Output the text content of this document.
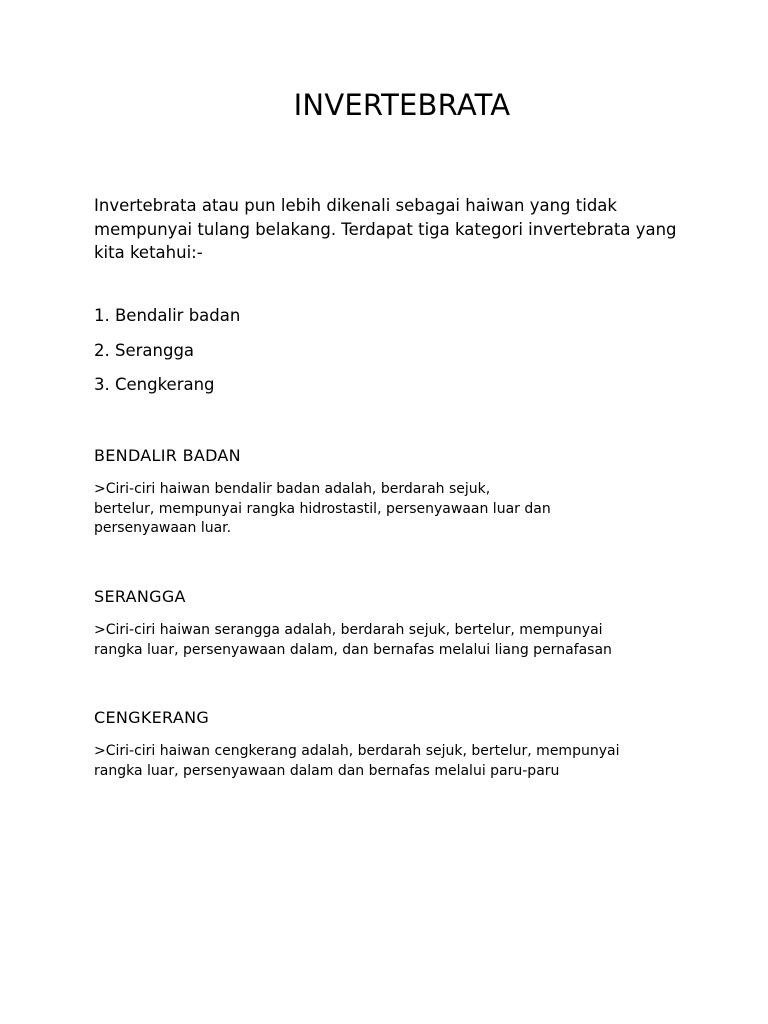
INVERTEBRATA

Invertebrata atau pun lebih dikenali sebagai haiwan yang tidak mempunyai tulang belakang. Terdapat tiga kategori invertebrata yang kita ketahui:-

1. Bendalir badan
2. Serangga
3. Cengkerang
BENDALIR BADAN
>Ciri-ciri haiwan bendalir badan adalah, berdarah sejuk,
bertelur, mempunyai rangka hidrostastil, persenyawaan luar dan
persenyawaan luar.
SERANGGA
>Ciri-ciri haiwan serangga adalah, berdarah sejuk, bertelur, mempunyai
rangka luar, persenyawaan dalam, dan bernafas melalui liang pernafasan
CENGKERANG
>Ciri-ciri haiwan cengkerang adalah, berdarah sejuk, bertelur, mempunyai
rangka luar, persenyawaan dalam dan bernafas melalui paru-paru
